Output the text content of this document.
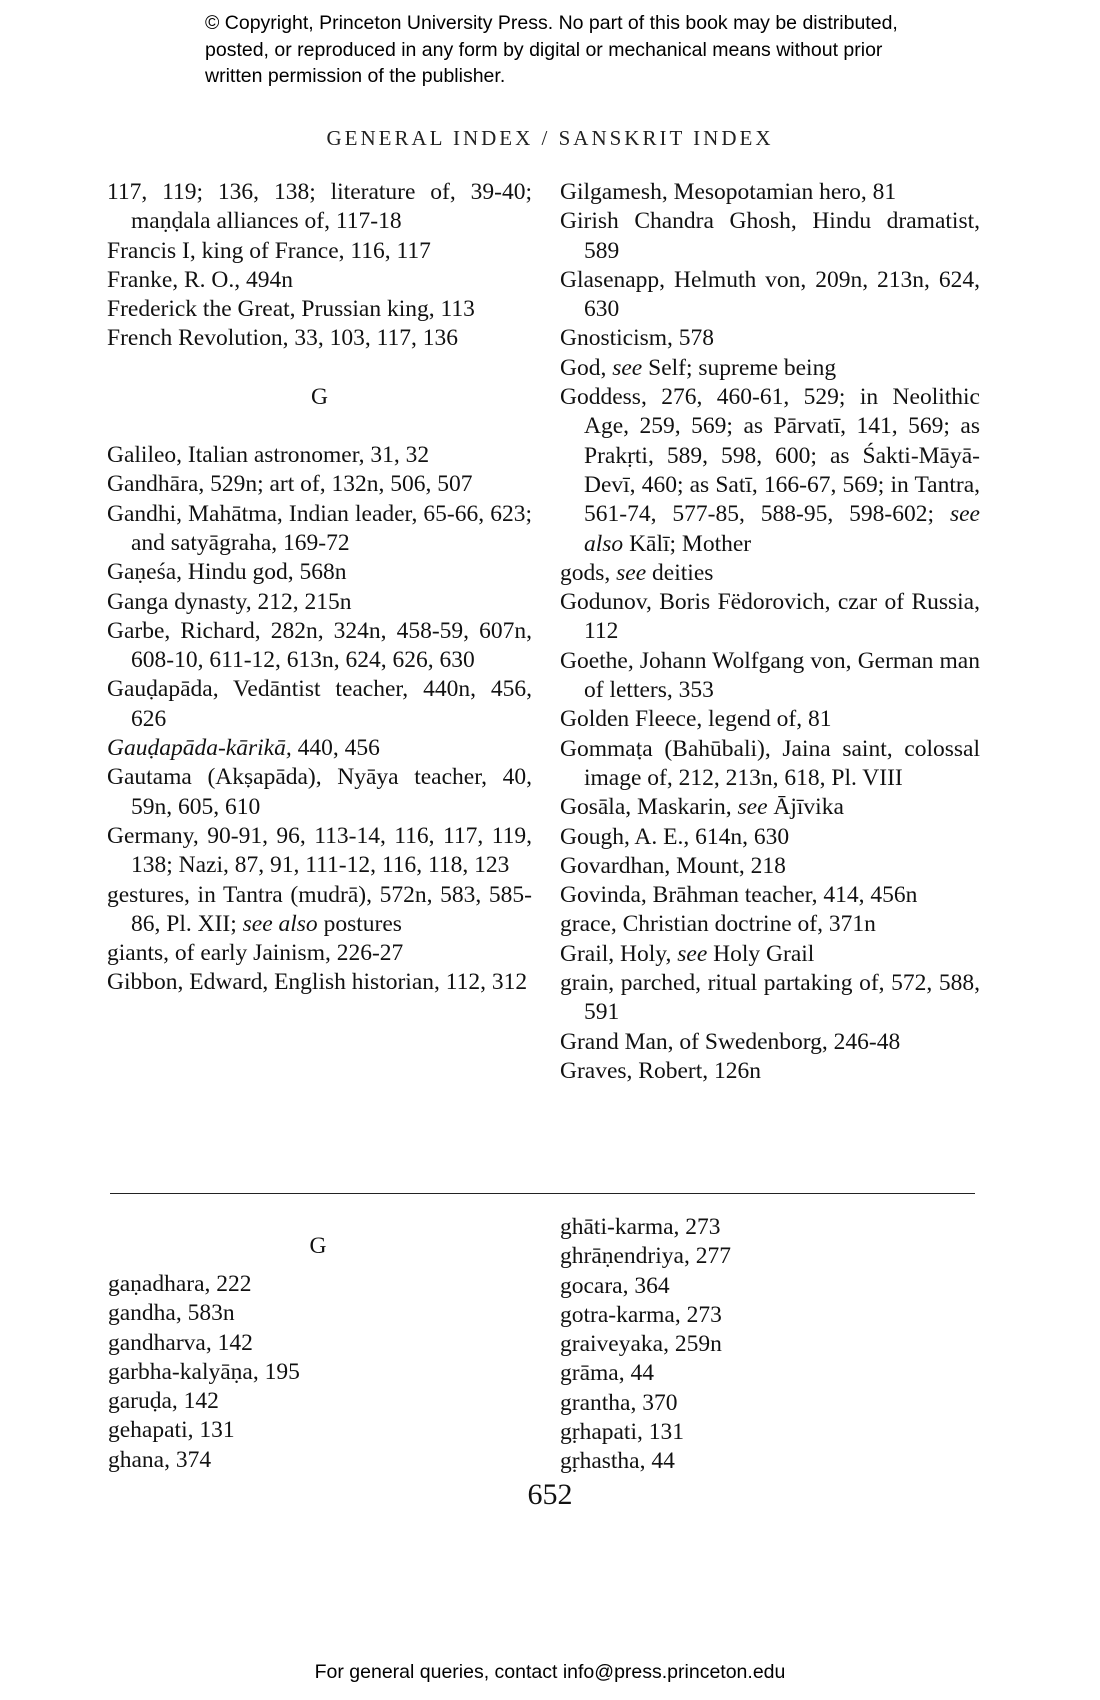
© Copyright, Princeton University Press. No part of this book may be distributed, posted, or reproduced in any form by digital or mechanical means without prior written permission of the publisher.
GENERAL INDEX / SANSKRIT INDEX

117, 119; 136, 138; literature of, 39-40; maṇḍala alliances of, 117-18

Francis I, king of France, 116, 117

Franke, R. O., 494n

Frederick the Great, Prussian king, 113

French Revolution, 33, 103, 117, 136

G

Galileo, Italian astronomer, 31, 32

Gandhāra, 529n; art of, 132n, 506, 507

Gandhi, Mahātma, Indian leader, 65-66, 623; and satyāgraha, 169-72

Gaṇeśa, Hindu god, 568n

Ganga dynasty, 212, 215n

Garbe, Richard, 282n, 324n, 458-59, 607n, 608-10, 611-12, 613n, 624, 626, 630

Gauḍapāda, Vedāntist teacher, 440n, 456, 626

Gauḍapāda-kārikā, 440, 456

Gautama (Akṣapāda), Nyāya teacher, 40, 59n, 605, 610

Germany, 90-91, 96, 113-14, 116, 117, 119, 138; Nazi, 87, 91, 111-12, 116, 118, 123

gestures, in Tantra (mudrā), 572n, 583, 585-86, Pl. XII; see also postures

giants, of early Jainism, 226-27

Gibbon, Edward, English historian, 112, 312

Gilgamesh, Mesopotamian hero, 81

Girish Chandra Ghosh, Hindu dramatist, 589

Glasenapp, Helmuth von, 209n, 213n, 624, 630

Gnosticism, 578

God, see Self; supreme being

Goddess, 276, 460-61, 529; in Neolithic Age, 259, 569; as Pārvatī, 141, 569; as Prakṛti, 589, 598, 600; as Śakti-Māyā-Devī, 460; as Satī, 166-67, 569; in Tantra, 561-74, 577-85, 588-95, 598-602; see also Kālī; Mother

gods, see deities

Godunov, Boris Fëdorovich, czar of Russia, 112

Goethe, Johann Wolfgang von, German man of letters, 353

Golden Fleece, legend of, 81

Gommaṭa (Bahūbali), Jaina saint, colossal image of, 212, 213n, 618, Pl. VIII

Gosāla, Maskarin, see Ājīvika

Gough, A. E., 614n, 630

Govardhan, Mount, 218

Govinda, Brāhman teacher, 414, 456n

grace, Christian doctrine of, 371n

Grail, Holy, see Holy Grail

grain, parched, ritual partaking of, 572, 588, 591

Grand Man, of Swedenborg, 246-48

Graves, Robert, 126n

G

gaṇadhara, 222

gandha, 583n

gandharva, 142

garbha-kalyāṇa, 195

garuḍa, 142

gehapati, 131

ghana, 374

ghāti-karma, 273

ghrāṇendriya, 277

gocara, 364

gotra-karma, 273

graiveyaka, 259n

grāma, 44

grantha, 370

gṛhapati, 131

gṛhastha, 44

652
For general queries, contact info@press.princeton.edu
